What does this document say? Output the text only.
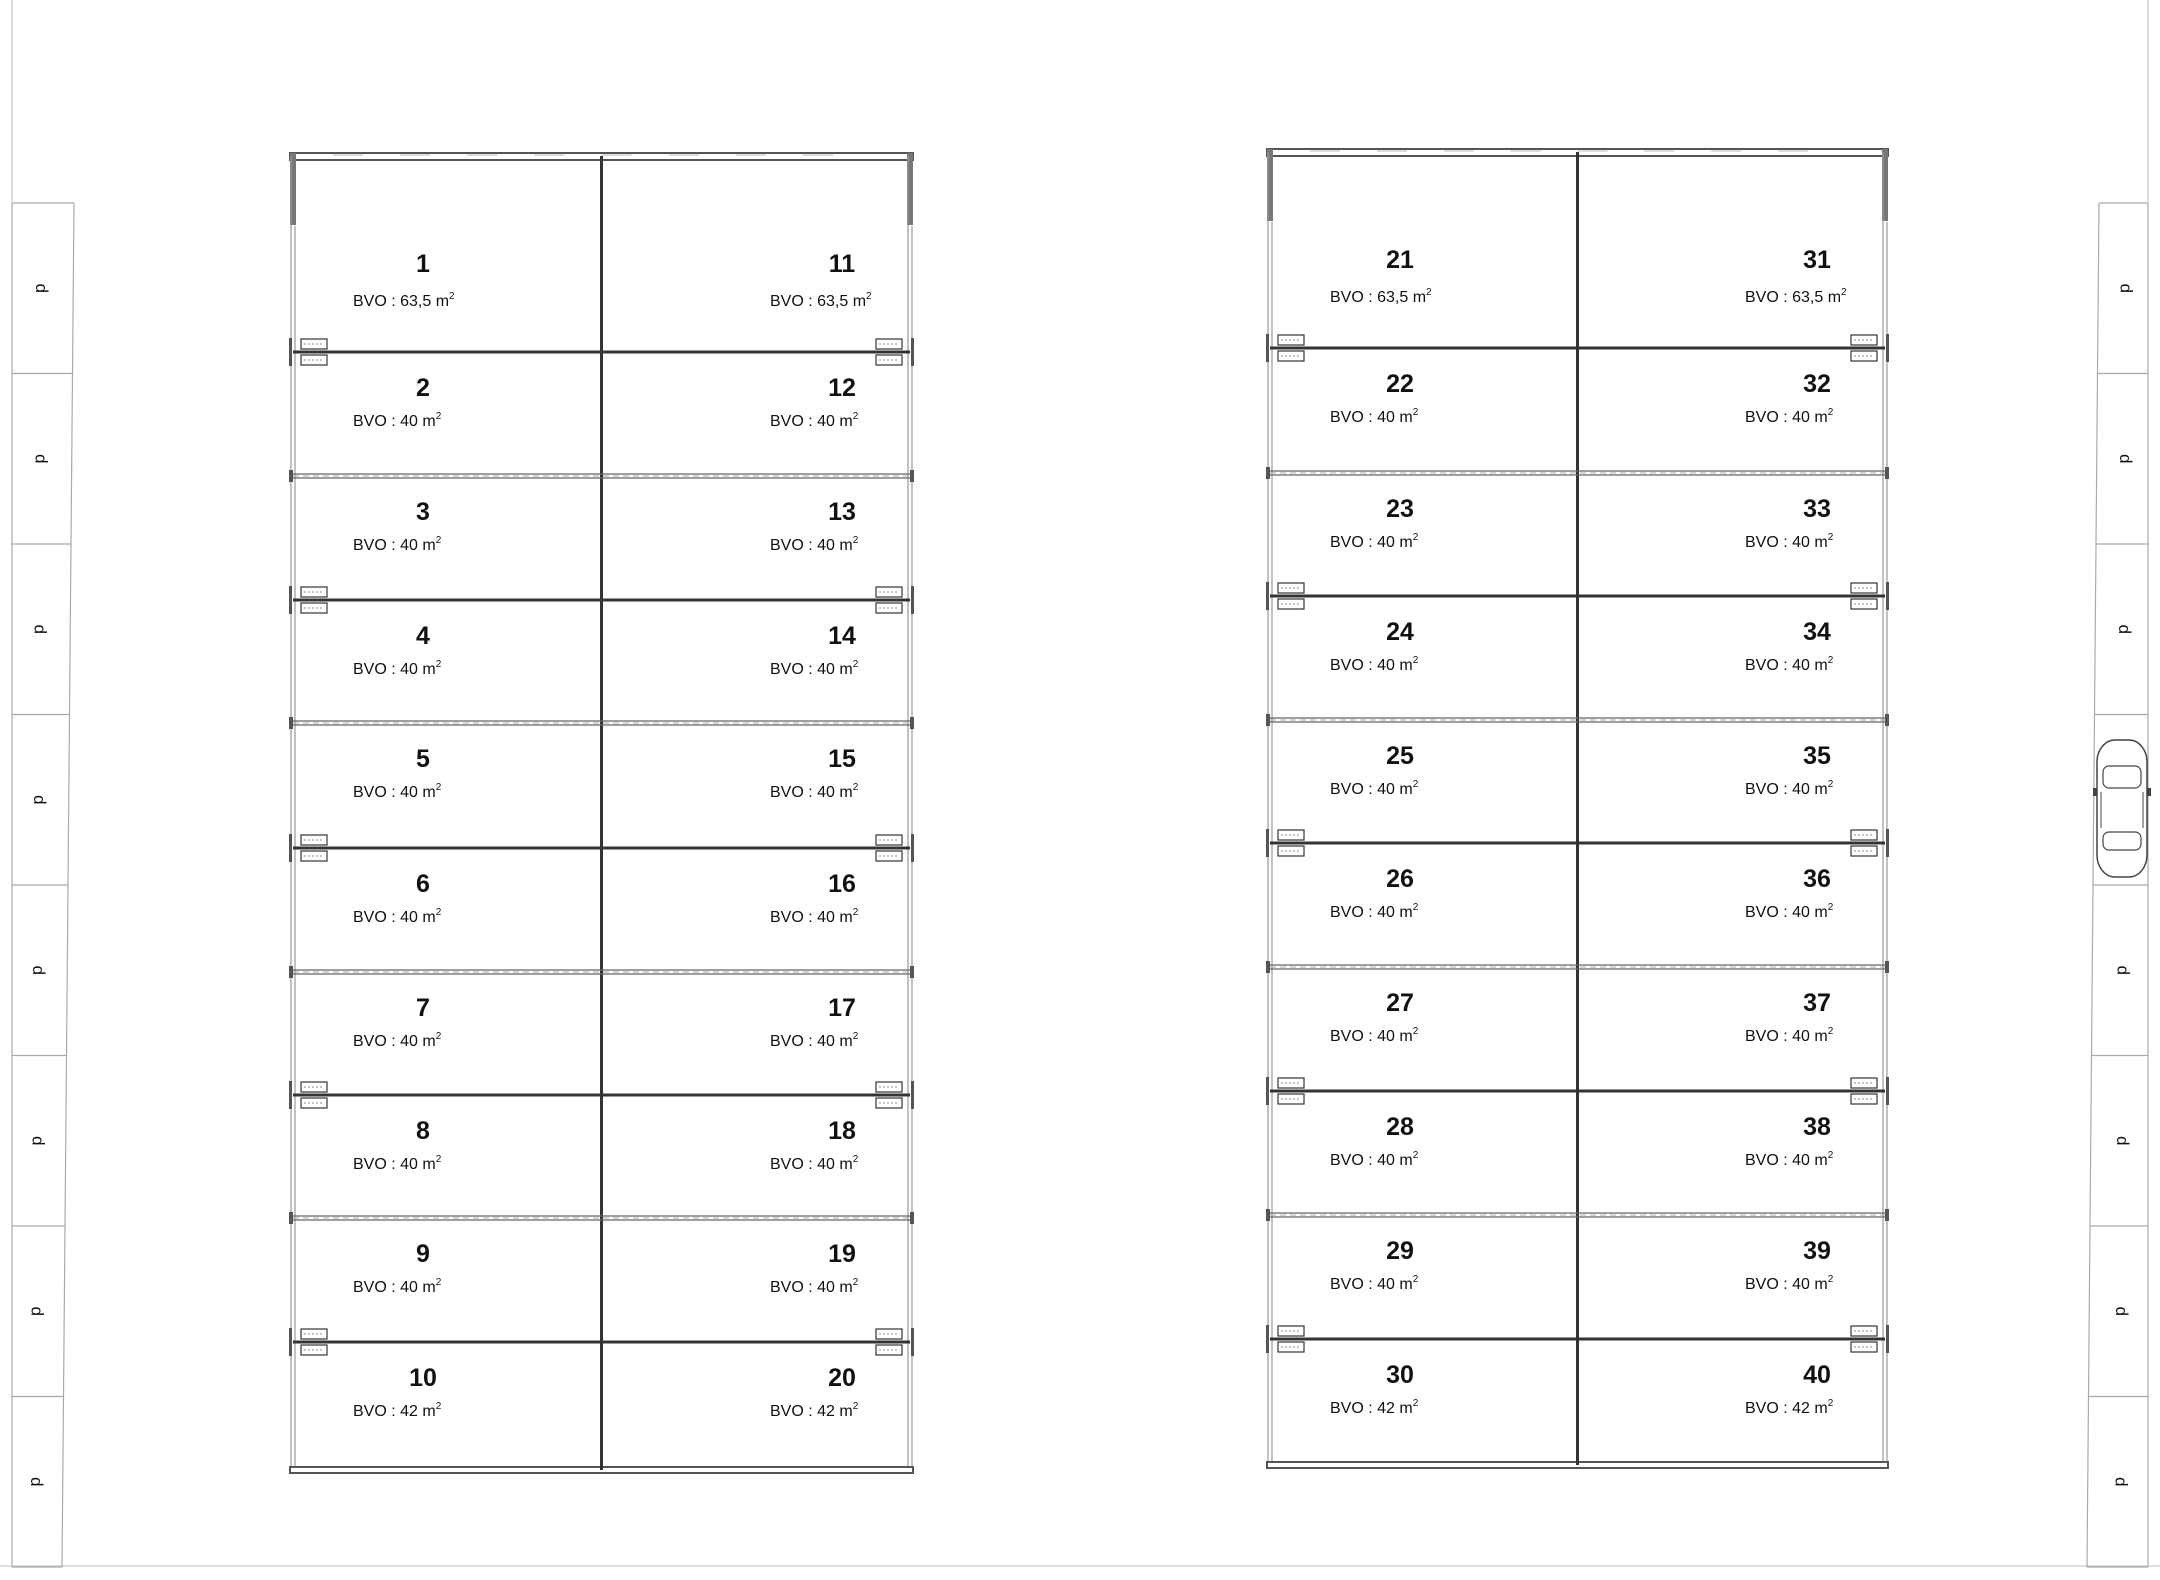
p
p
p
p
p
p
p
p
p
p
p
p
p
p
p
1
BVO : 63,5 $m^2$
11
BVO : 63,5 $m^2$
2
BVO : 40 $m^2$
12
BVO : 40 $m^2$
3
BVO : 40 $m^2$
13
BVO : 40 $m^2$
4
BVO : 40 $m^2$
14
BVO : 40 $m^2$
5
BVO : 40 $m^2$
15
BVO : 40 $m^2$
6
BVO : 40 $m^2$
16
BVO : 40 $m^2$
7
BVO : 40 $m^2$
17
BVO : 40 $m^2$
8
BVO : 40 $m^2$
18
BVO : 40 $m^2$
9
BVO : 40 $m^2$
19
BVO : 40 $m^2$
10
BVO : 42 $m^2$
20
BVO : 42 $m^2$
21
BVO : 63,5 $m^2$
31
BVO : 63,5 $m^2$
22
BVO : 40 $m^2$
32
BVO : 40 $m^2$
23
BVO : 40 $m^2$
33
BVO : 40 $m^2$
24
BVO : 40 $m^2$
34
BVO : 40 $m^2$
25
BVO : 40 $m^2$
35
BVO : 40 $m^2$
26
BVO : 40 $m^2$
36
BVO : 40 $m^2$
27
BVO : 40 $m^2$
37
BVO : 40 $m^2$
28
BVO : 40 $m^2$
38
BVO : 40 $m^2$
29
BVO : 40 $m^2$
39
BVO : 40 $m^2$
30
BVO : 42 $m^2$
40
BVO : 42 $m^2$
